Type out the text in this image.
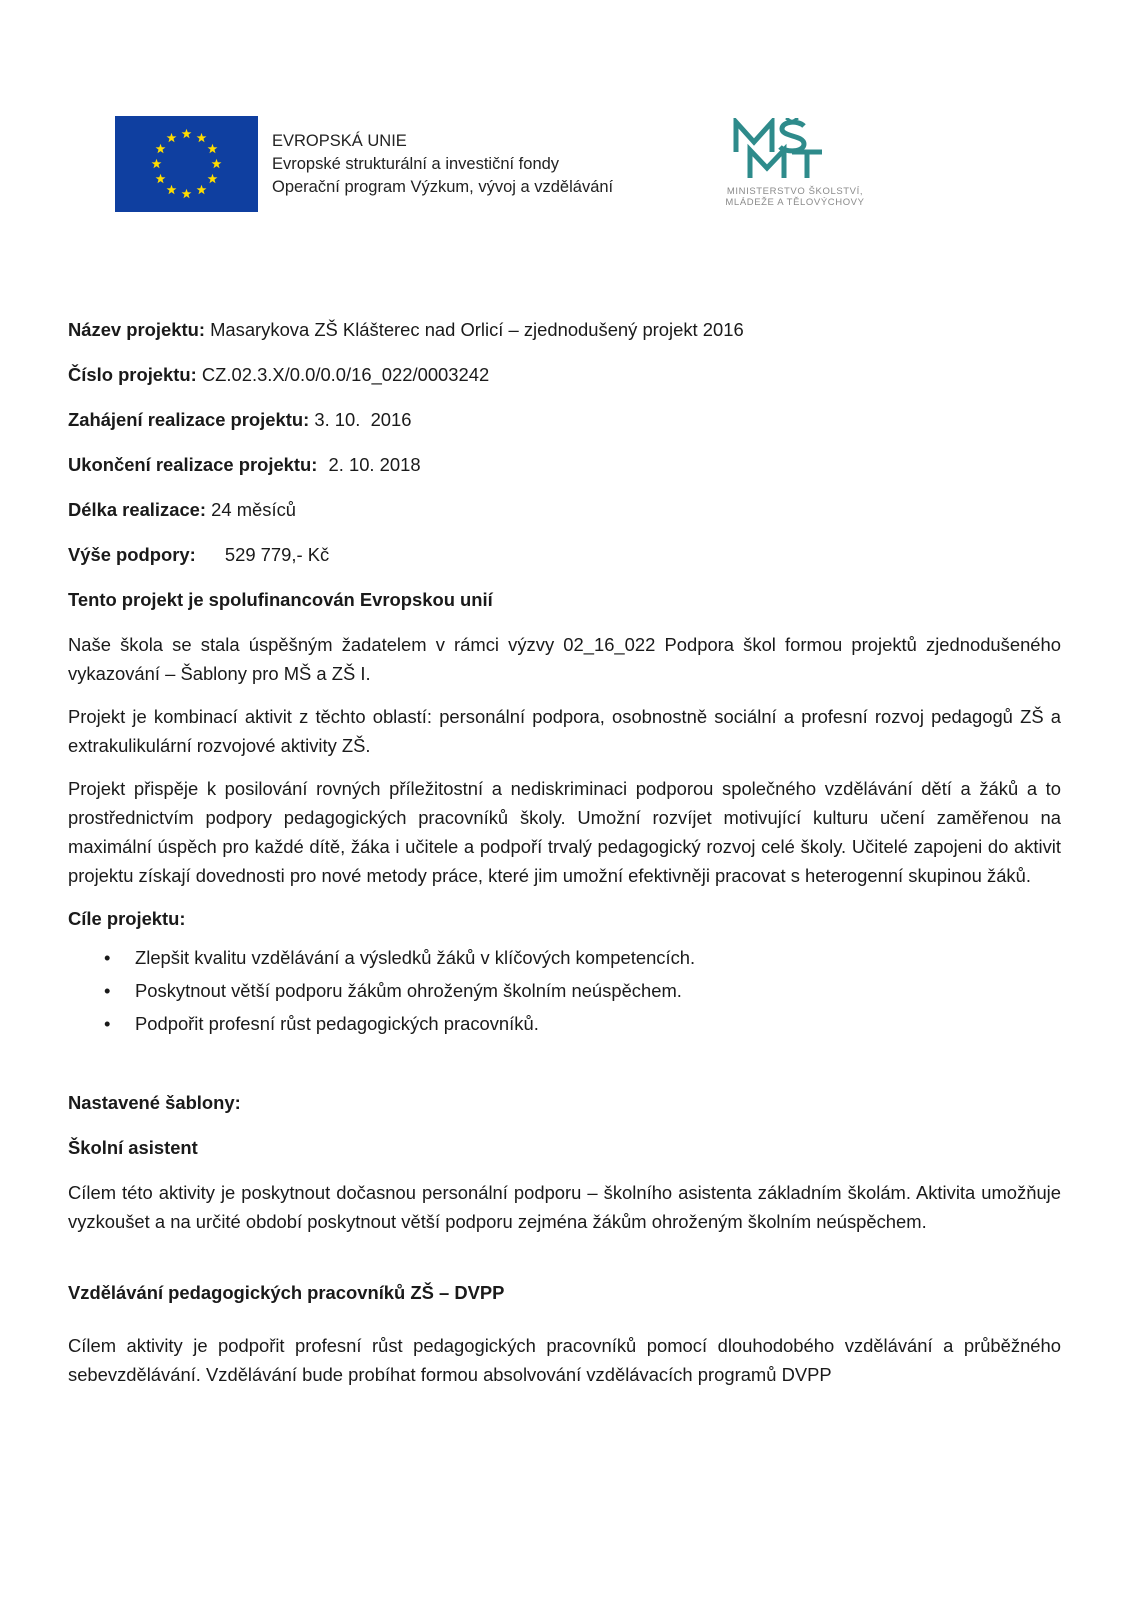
EVROPSKÁ UNIE
Evropské strukturální a investiční fondy
Operační program Výzkum, vývoj a vzdělávání	MINISTERSTVO ŠKOLSTVÍ,
MLÁDEŽE A TĚLOVÝCHOVY
Název projektu: Masarykova ZŠ Klášterec nad Orlicí – zjednodušený projekt 2016
Číslo projektu: CZ.02.3.X/0.0/0.0/16_022/0003242
Zahájení realizace projektu: 3. 10.  2016
Ukončení realizace projektu: 2. 10. 2018
Délka realizace: 24 měsíců
Výše podpory: 529 779,- Kč
Tento projekt je spolufinancován Evropskou unií

Naše škola se stala úspěšným žadatelem v rámci výzvy 02_16_022 Podpora škol formou projektů zjednodušeného vykazování – Šablony pro MŠ a ZŠ I.

Projekt je kombinací aktivit z těchto oblastí: personální podpora, osobnostně sociální a profesní rozvoj pedagogů ZŠ a extrakulikulární rozvojové aktivity ZŠ.

Projekt přispěje k posilování rovných příležitostní a nediskriminaci podporou společného vzdělávání dětí a žáků a to prostřednictvím podpory pedagogických pracovníků školy. Umožní rozvíjet motivující kulturu učení zaměřenou na maximální úspěch pro každé dítě, žáka i učitele a podpoří trvalý pedagogický rozvoj celé školy. Učitelé zapojeni do aktivit projektu získají dovednosti pro nové metody práce, které jim umožní efektivněji pracovat s heterogenní skupinou žáků.

Cíle projektu:
• Zlepšit kvalitu vzdělávání a výsledků žáků v klíčových kompetencích.
• Poskytnout větší podporu žákům ohroženým školním neúspěchem.
• Podpořit profesní růst pedagogických pracovníků.
Nastavené šablony:
Školní asistent

Cílem této aktivity je poskytnout dočasnou personální podporu – školního asistenta základním školám. Aktivita umožňuje vyzkoušet a na určité období poskytnout větší podporu zejména žákům ohroženým školním neúspěchem.

Vzdělávání pedagogických pracovníků ZŠ – DVPP

Cílem aktivity je podpořit profesní růst pedagogických pracovníků pomocí dlouhodobého vzdělávání a průběžného sebevzdělávání. Vzdělávání bude probíhat formou absolvování vzdělávacích programů DVPP
